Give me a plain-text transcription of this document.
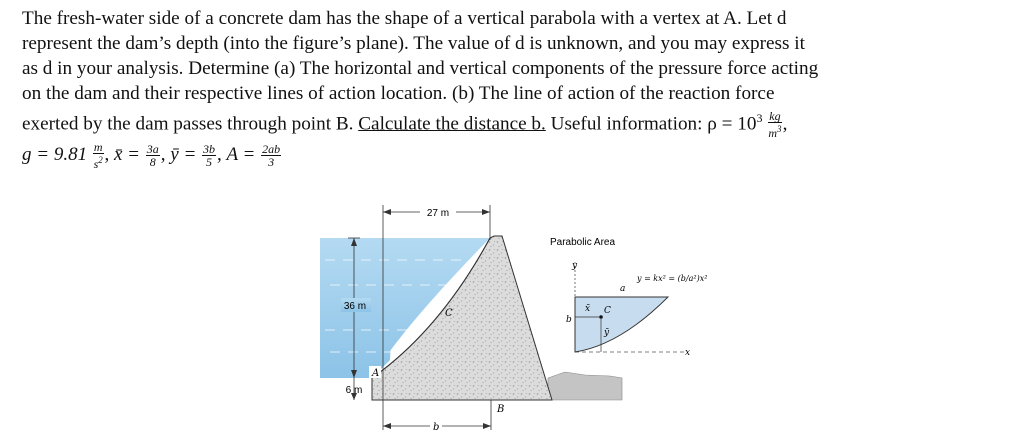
The fresh-water side of a concrete dam has the shape of a vertical parabola with a vertex at A. Let d

represent the dam’s depth (into the figure’s plane). The value of d is unknown, and you may express it

as d in your analysis. Determine (a) The horizontal and vertical components of the pressure force acting

on the dam and their respective lines of action location. (b) The line of action of the reaction force

exerted by the dam passes through point B. Calculate the distance b. Useful information: $\rho = 10^3 \frac{kg}{m^3}$ ,

$g = 9.81 \frac{m}{s^2}$ , x̄ = $\frac{3a}{8}$ , ȳ = $\frac{3b}{5}$ , $A = \frac{2ab}{3}$
27 m
36 m
6 m
A
B
C
b
Parabolic Area
y
x
a
b
C
x̄
ȳ
y = kx² = (b/a²)x²
